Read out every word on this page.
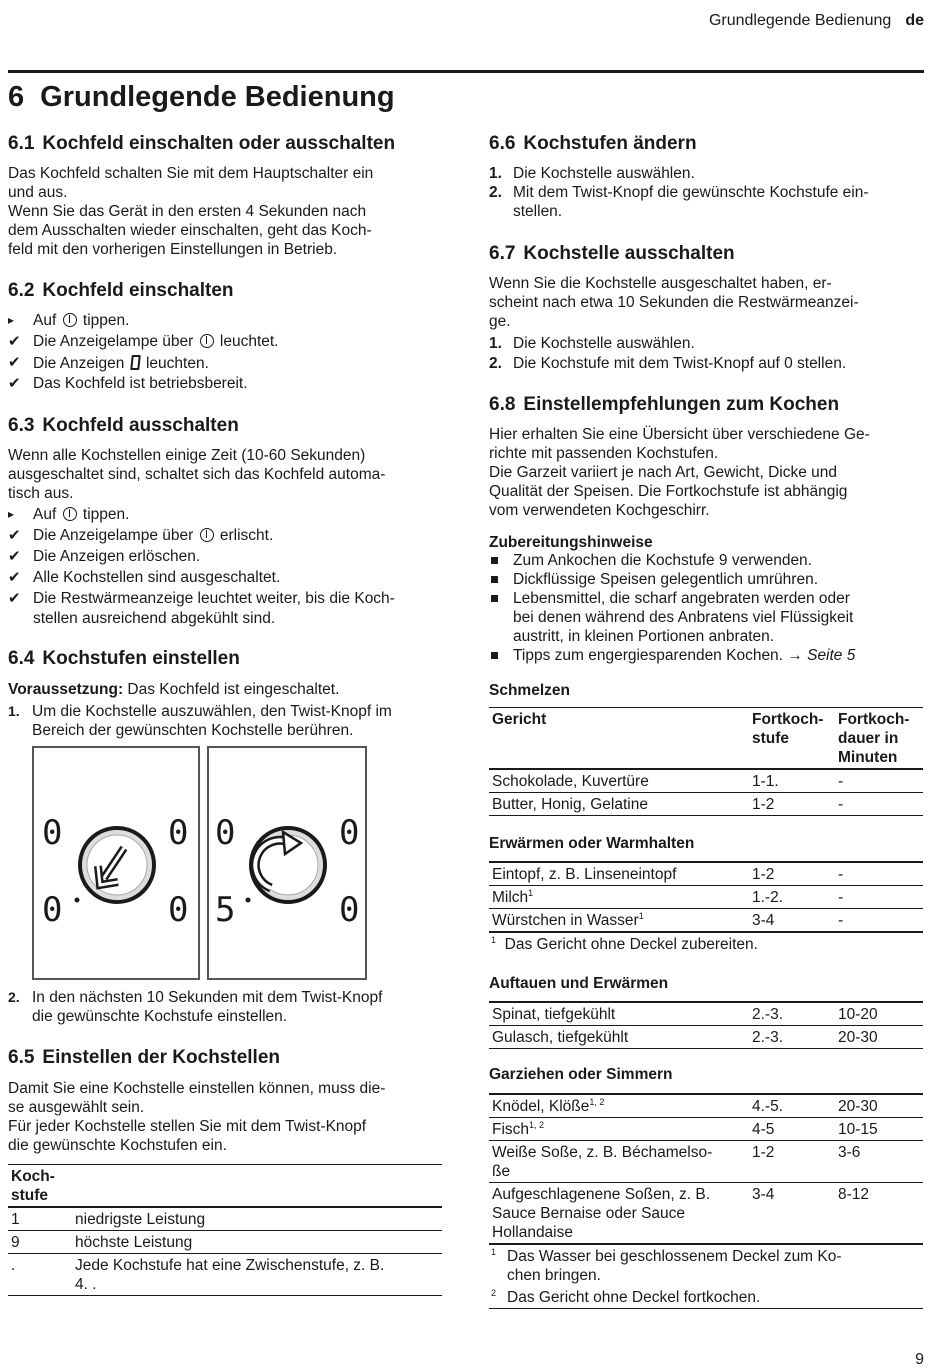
Grundlegende Bedienung de
6 Grundlegende Bedienung
6.1 Kochfeld einschalten oder ausschalten
Das Kochfeld schalten Sie mit dem Hauptschalter ein
und aus.
Wenn Sie das Gerät in den ersten 4 Sekunden nach
dem Ausschalten wieder einschalten, geht das Koch-
feld mit den vorherigen Einstellungen in Betrieb.
6.2 Kochfeld einschalten
▸	Auf  tippen.
✔ Die Anzeigelampe über  leuchtet.
✔ Die Anzeigen  leuchten.
✔ Das Kochfeld ist betriebsbereit.
6.3 Kochfeld ausschalten
Wenn alle Kochstellen einige Zeit (10-60 Sekunden)
ausgeschaltet sind, schaltet sich das Kochfeld automa-
tisch aus.
▸	Auf  tippen.
✔ Die Anzeigelampe über  erlischt.
✔ Die Anzeigen erlöschen.
✔ Alle Kochstellen sind ausgeschaltet.
✔ Die Restwärmeanzeige leuchtet weiter, bis die Koch-
stellen ausreichend abgekühlt sind.
6.4 Kochstufen einstellen
Voraussetzung: Das Kochfeld ist eingeschaltet.
1. Um die Kochstelle auszuwählen, den Twist-Knopf im
Bereich der gewünschten Kochstelle berühren.
0	0
0	0
0	0
5	0
2. In den nächsten 10 Sekunden mit dem Twist-Knopf
die gewünschte Kochstufe einstellen.
6.5 Einstellen der Kochstellen
Damit Sie eine Kochstelle einstellen können, muss die-
se ausgewählt sein.
Für jeder Kochstelle stellen Sie mit dem Twist-Knopf
die gewünschte Kochstufen ein.
Koch-
stufe	

1	niedrigste Leistung
9	höchste Leistung
.	Jede Kochstufe hat eine Zwischenstufe, z. B.
4. .
6.6 Kochstufen ändern
1. Die Kochstelle auswählen.
2. Mit dem Twist-Knopf die gewünschte Kochstufe ein-
stellen.
6.7 Kochstelle ausschalten
Wenn Sie die Kochstelle ausgeschaltet haben, er-
scheint nach etwa 10 Sekunden die Restwärmeanzei-
ge.
1. Die Kochstelle auswählen.
2. Die Kochstufe mit dem Twist-Knopf auf 0 stellen.
6.8 Einstellempfehlungen zum Kochen
Hier erhalten Sie eine Übersicht über verschiedene Ge-
richte mit passenden Kochstufen.
Die Garzeit variiert je nach Art, Gewicht, Dicke und
Qualität der Speisen. Die Fortkochstufe ist abhängig
vom verwendeten Kochgeschirr.
Zubereitungshinweise
Zum Ankochen die Kochstufe 9 verwenden.
Dickflüssige Speisen gelegentlich umrühren.
Lebensmittel, die scharf angebraten werden oder
bei denen während des Anbratens viel Flüssigkeit
austritt, in kleinen Portionen anbraten.
Tipps zum engergiesparenden Kochen. → Seite 5
Schmelzen
Gericht	Fortkoch-
stufe	Fortkoch-
dauer in
Minuten

Schokolade, Kuvertüre	1-1.	-
Butter, Honig, Gelatine	1-2	-
Erwärmen oder Warmhalten
Eintopf, z. B. Linseneintopf	1-2	-
Milch$^1$	1.-2.	-
Würstchen in Wasser$^1$	3-4	-
$^1$ Das Gericht ohne Deckel zubereiten.		
Auftauen und Erwärmen
Spinat, tiefgekühlt	2.-3.	10-20
Gulasch, tiefgekühlt	2.-3.	20-30
Garziehen oder Simmern
Knödel, Klöße$^{1, 2}$	4.-5.	20-30
Fisch$^{1, 2}$	4-5	10-15

Weiße Soße, z. B. Béchamelso-
ße	1-2	3-6

Aufgeschlagenene Soßen, z. B.
Sauce Bernaise oder Sauce
Hollandaise	3-4	8-12

$^1$ Das Wasser bei geschlossenem Deckel zum Ko-
chen bringen.		

$^2$ Das Gericht ohne Deckel fortkochen.		
9
